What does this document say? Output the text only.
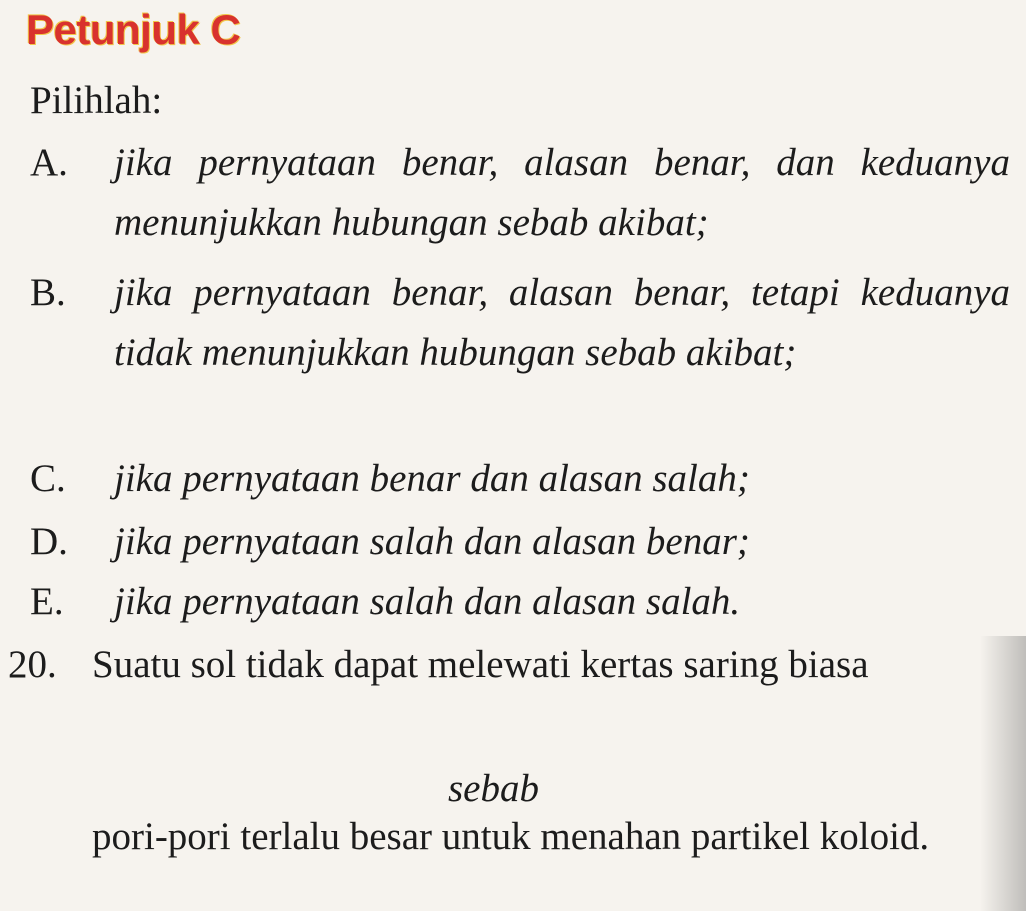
Petunjuk C
Pilihlah:
A. jika pernyataan benar, alasan benar, dan keduanya menunjukkan hubungan sebab akibat;
B. jika pernyataan benar, alasan benar, tetapi keduanya tidak menunjukkan hubungan sebab akibat;
C. jika pernyataan benar dan alasan salah;
D. jika pernyataan salah dan alasan benar;
E. jika pernyataan salah dan alasan salah.
20. Suatu sol tidak dapat melewati kertas saring biasa
sebab
pori-pori terlalu besar untuk menahan partikel koloid.
